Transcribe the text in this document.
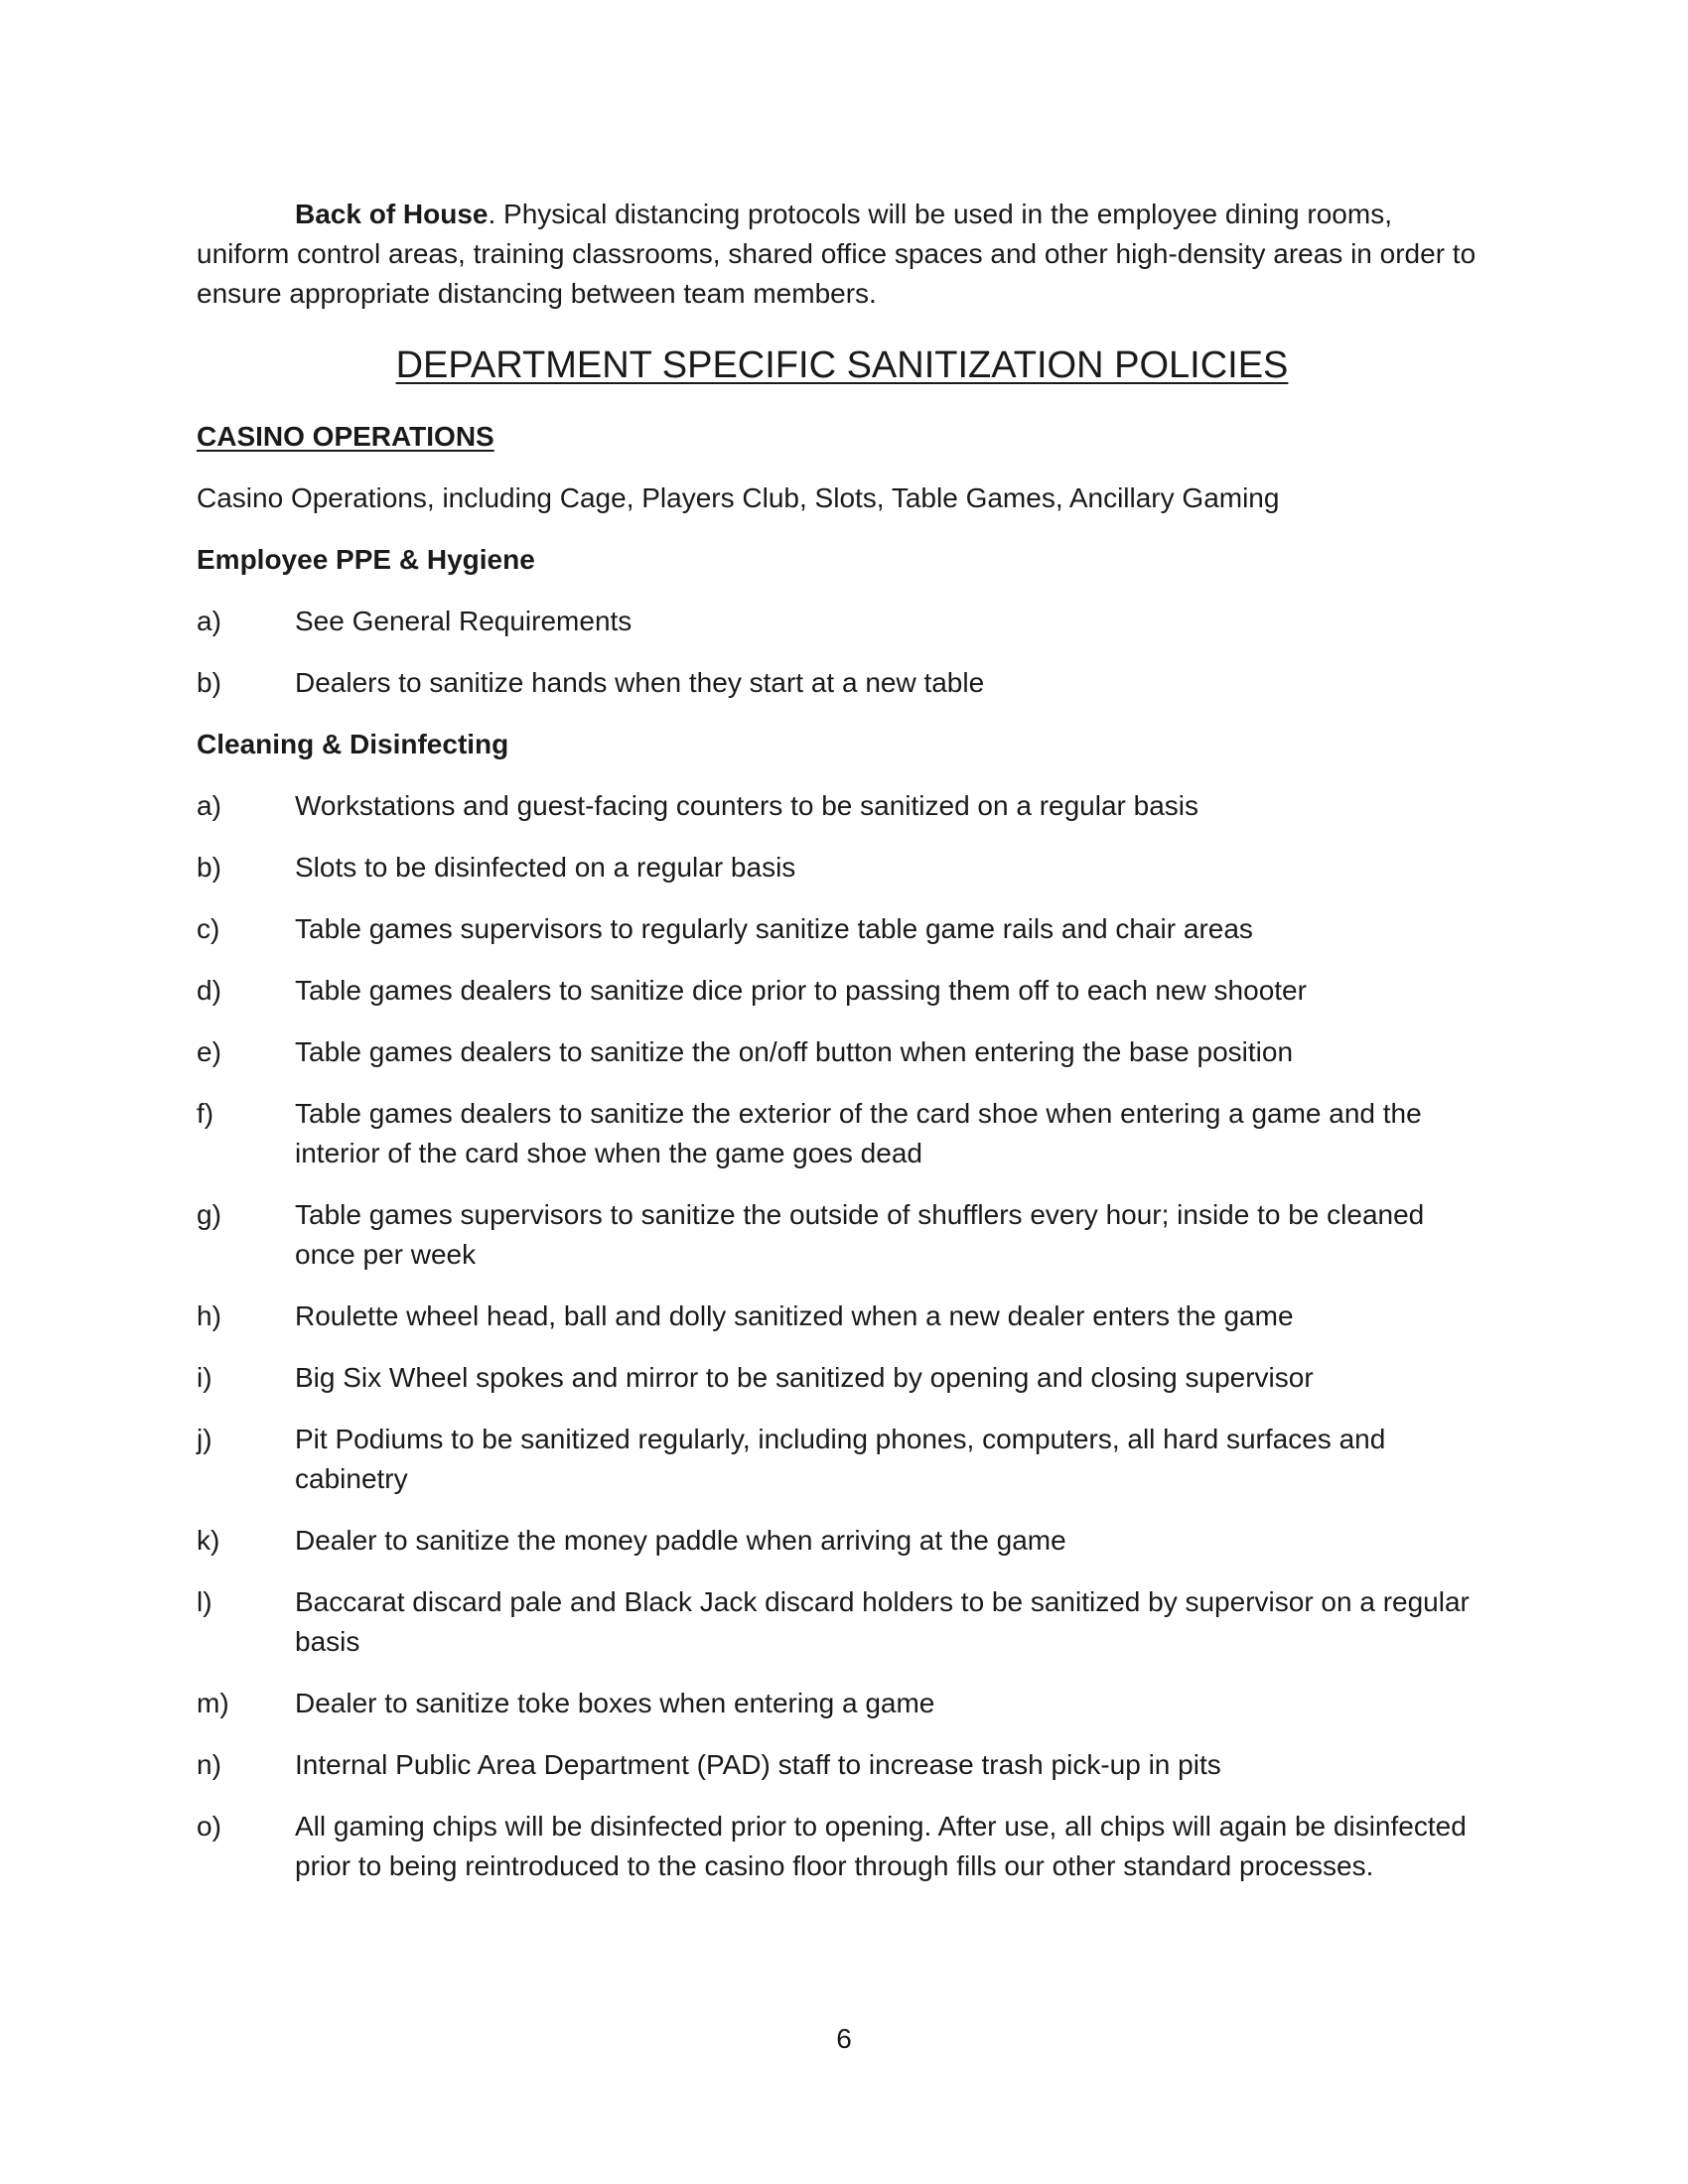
Back of House. Physical distancing protocols will be used in the employee dining rooms, uniform control areas, training classrooms, shared office spaces and other high-density areas in order to ensure appropriate distancing between team members.

DEPARTMENT SPECIFIC SANITIZATION POLICIES
CASINO OPERATIONS

Casino Operations, including Cage, Players Club, Slots, Table Games, Ancillary Gaming

Employee PPE & Hygiene
a)	See General Requirements
b)	Dealers to sanitize hands when they start at a new table
Cleaning & Disinfecting
a)	Workstations and guest-facing counters to be sanitized on a regular basis
b)	Slots to be disinfected on a regular basis
c)	Table games supervisors to regularly sanitize table game rails and chair areas
d)	Table games dealers to sanitize dice prior to passing them off to each new shooter
e)	Table games dealers to sanitize the on/off button when entering the base position
f)	Table games dealers to sanitize the exterior of the card shoe when entering a game and the interior of the card shoe when the game goes dead
g)	Table games supervisors to sanitize the outside of shufflers every hour; inside to be cleaned once per week
h)	Roulette wheel head, ball and dolly sanitized when a new dealer enters the game
i)	Big Six Wheel spokes and mirror to be sanitized by opening and closing supervisor
j)	Pit Podiums to be sanitized regularly, including phones, computers, all hard surfaces and cabinetry
k)	Dealer to sanitize the money paddle when arriving at the game
l)	Baccarat discard pale and Black Jack discard holders to be sanitized by supervisor on a regular basis
m)	Dealer to sanitize toke boxes when entering a game
n)	Internal Public Area Department (PAD) staff to increase trash pick-up in pits
o)	All gaming chips will be disinfected prior to opening. After use, all chips will again be disinfected prior to being reintroduced to the casino floor through fills our other standard processes.
6
